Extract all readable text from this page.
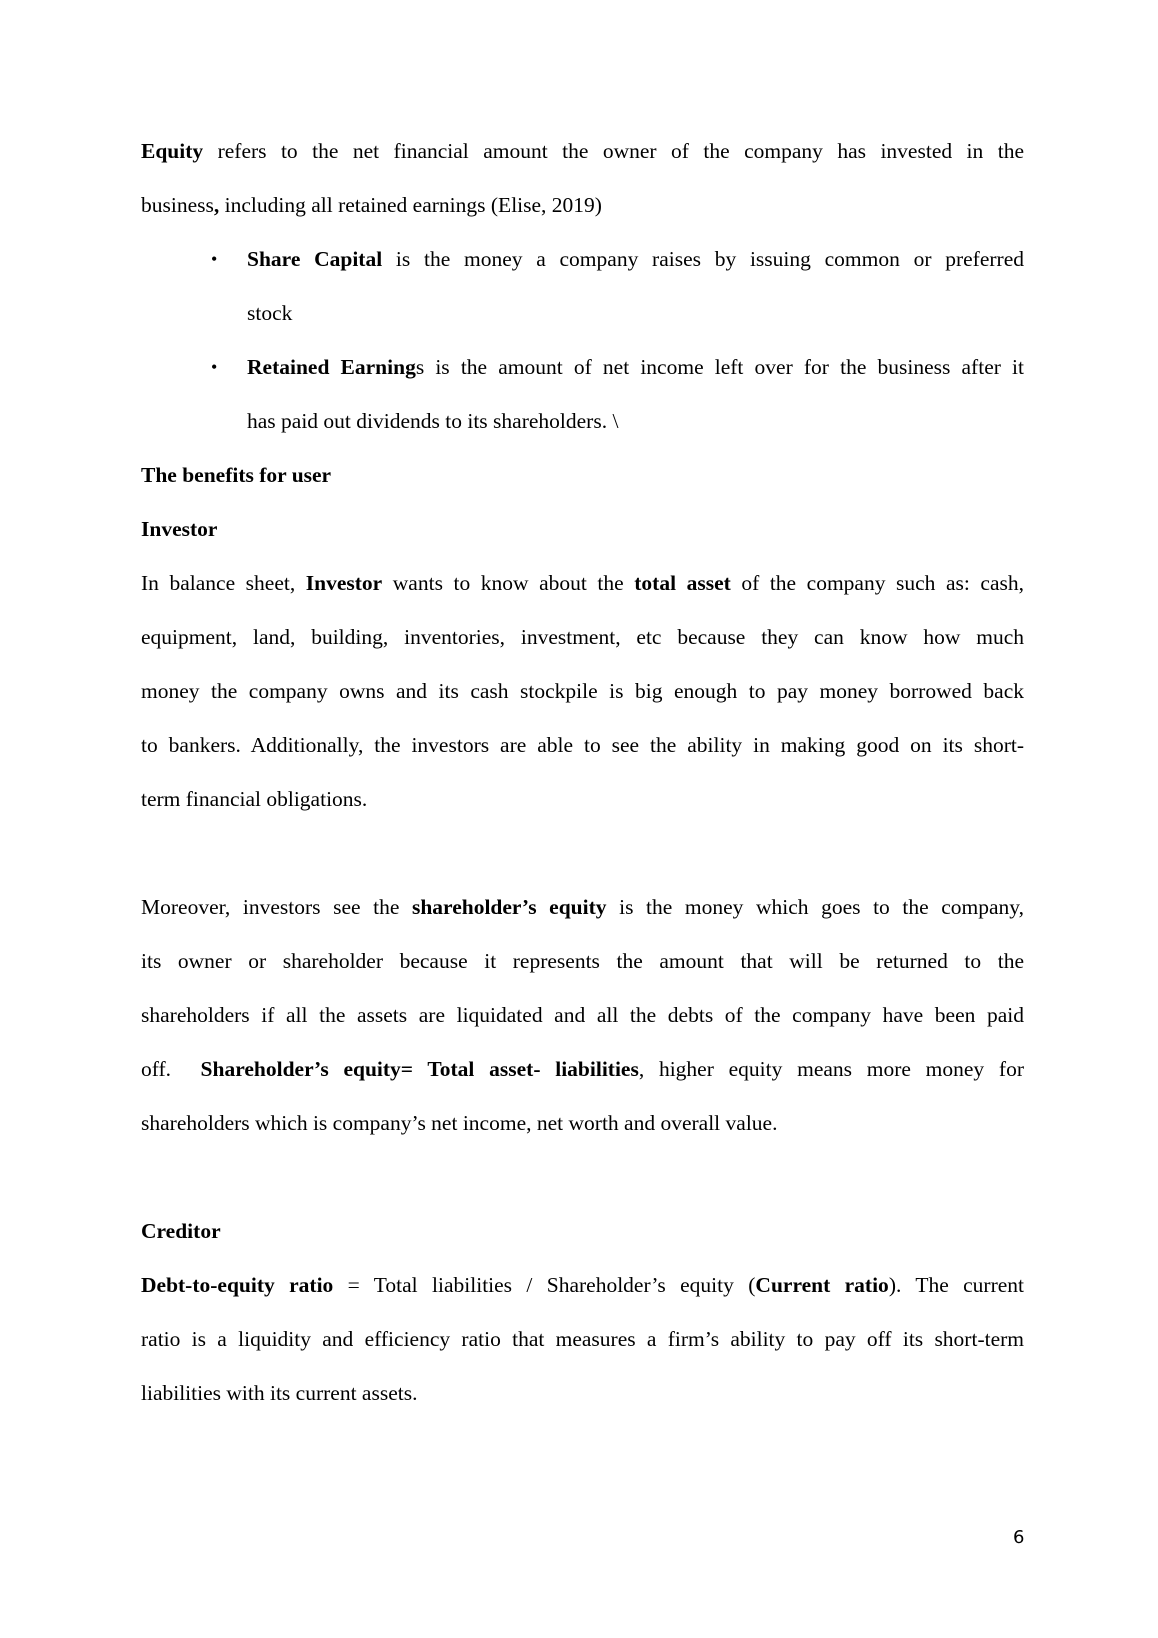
Equity refers to the net financial amount the owner of the company has invested in the
business, including all retained earnings (Elise, 2019)
• Share Capital is the money a company raises by issuing common or preferred
stock
• Retained Earnings is the amount of net income left over for the business after it
has paid out dividends to its shareholders. \
The benefits for user
Investor
In balance sheet, Investor wants to know about the total asset of the company such as: cash,
equipment, land, building, inventories, investment, etc because they can know how much
money the company owns and its cash stockpile is big enough to pay money borrowed back
to bankers. Additionally, the investors are able to see the ability in making good on its short-
term financial obligations.
Moreover, investors see the shareholder’s equity is the money which goes to the company,
its owner or shareholder because it represents the amount that will be returned to the
shareholders if all the assets are liquidated and all the debts of the company have been paid
off.  Shareholder’s equity= Total asset- liabilities, higher equity means more money for
shareholders which is company’s net income, net worth and overall value.
Creditor
Debt-to-equity ratio = Total liabilities / Shareholder’s equity (Current ratio). The current
ratio is a liquidity and efficiency ratio that measures a firm’s ability to pay off its short-term
liabilities with its current assets.
6
